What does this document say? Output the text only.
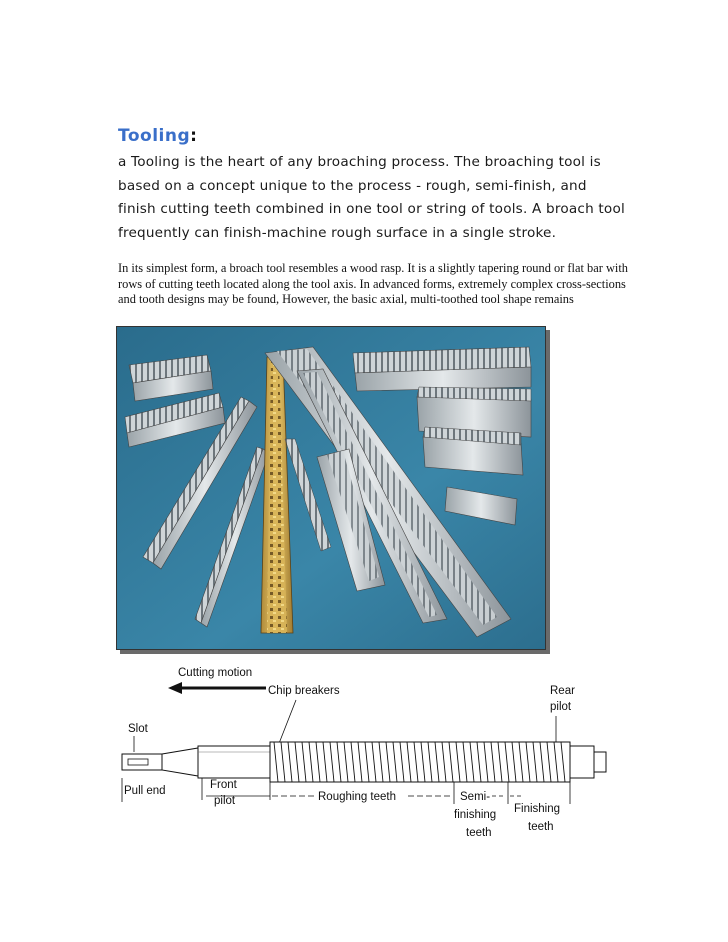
Tooling:
a Tooling is the heart of any broaching process. The broaching tool is based on a concept unique to the process - rough, semi-finish, and finish cutting teeth combined in one tool or string of tools. A broach tool frequently can finish-machine rough surface in a single stroke.
In its simplest form, a broach tool resembles a wood rasp. It is a slightly tapering round or flat bar with rows of cutting teeth located along the tool axis. In advanced forms, extremely complex cross-sections and tooth designs may be found, However, the basic axial, multi-toothed tool shape remains
Cutting motion
Chip breakers	Rear
pilot
Slot
Pull end	Front
pilot	Roughing teeth	Semi-
finishing
teeth
Finishing
teeth
